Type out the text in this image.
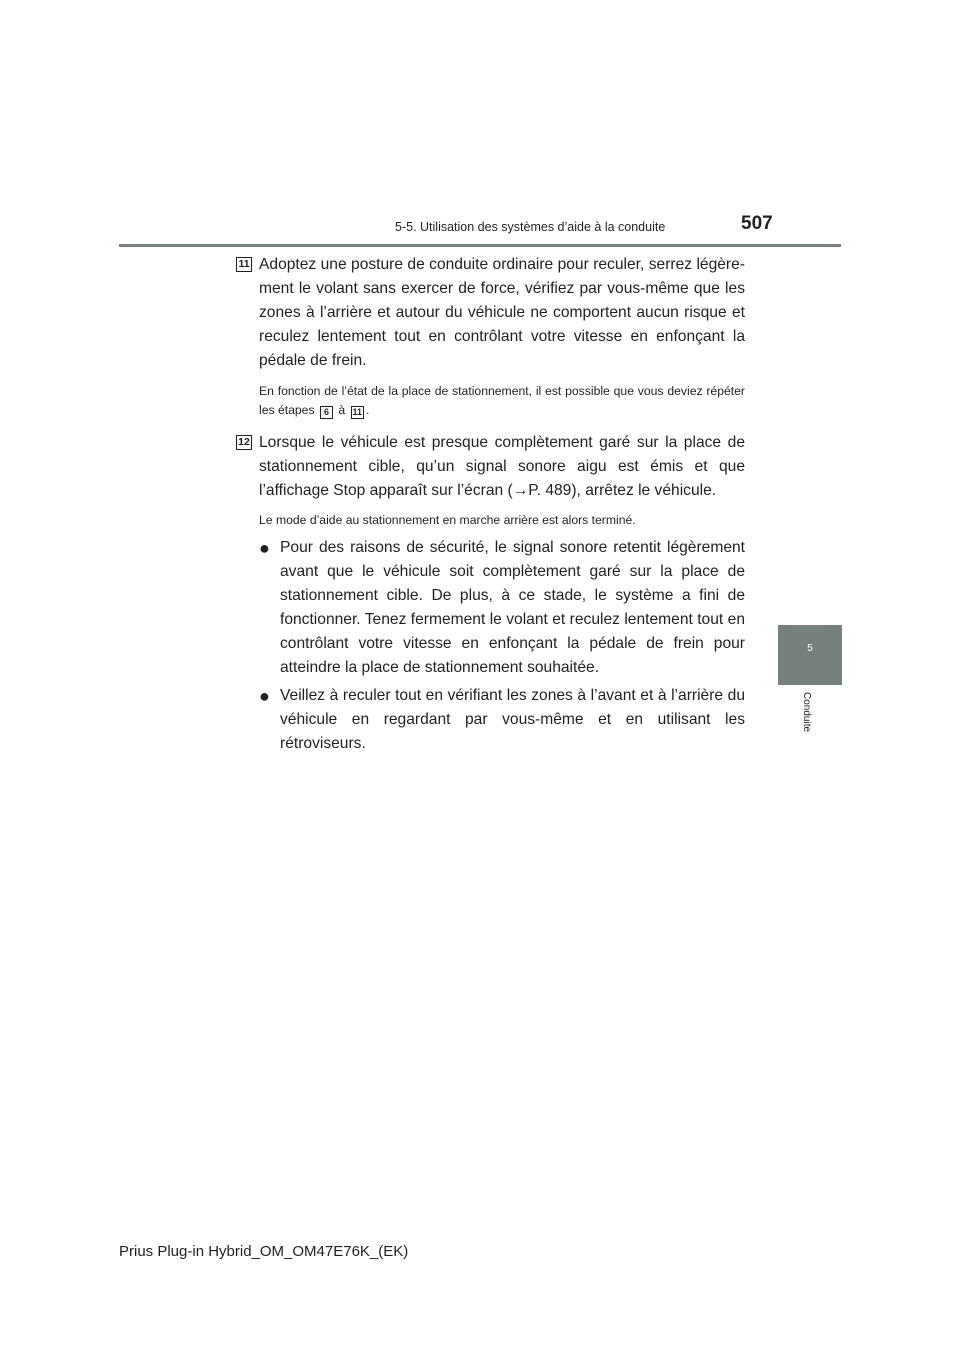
5-5. Utilisation des systèmes d’aide à la conduite	507
5
Conduite
11 Adoptez une posture de conduite ordinaire pour reculer, serrez légèrement le volant sans exercer de force, vérifiez par vous-même que les zones à l’arrière et autour du véhicule ne comportent aucun risque et reculez lentement tout en contrôlant votre vitesse en enfonçant la pédale de frein.
En fonction de l’état de la place de stationnement, il est possible que vous deviez répéter les étapes 6 à 11 .
12 Lorsque le véhicule est presque complètement garé sur la place de stationnement cible, qu’un signal sonore aigu est émis et que l’affichage Stop apparaît sur l’écran (→P. 489), arrêtez le véhicule.
Le mode d’aide au stationnement en marche arrière est alors terminé.
● Pour des raisons de sécurité, le signal sonore retentit légèrement avant que le véhicule soit complètement garé sur la place de stationnement cible. De plus, à ce stade, le système a fini de fonctionner. Tenez fermement le volant et reculez lentement tout en contrôlant votre vitesse en enfonçant la pédale de frein pour atteindre la place de stationnement souhaitée.
● Veillez à reculer tout en vérifiant les zones à l’avant et à l’arrière du véhicule en regardant par vous-même et en utilisant les rétroviseurs.
Prius Plug-in Hybrid_OM_OM47E76K_(EK)
